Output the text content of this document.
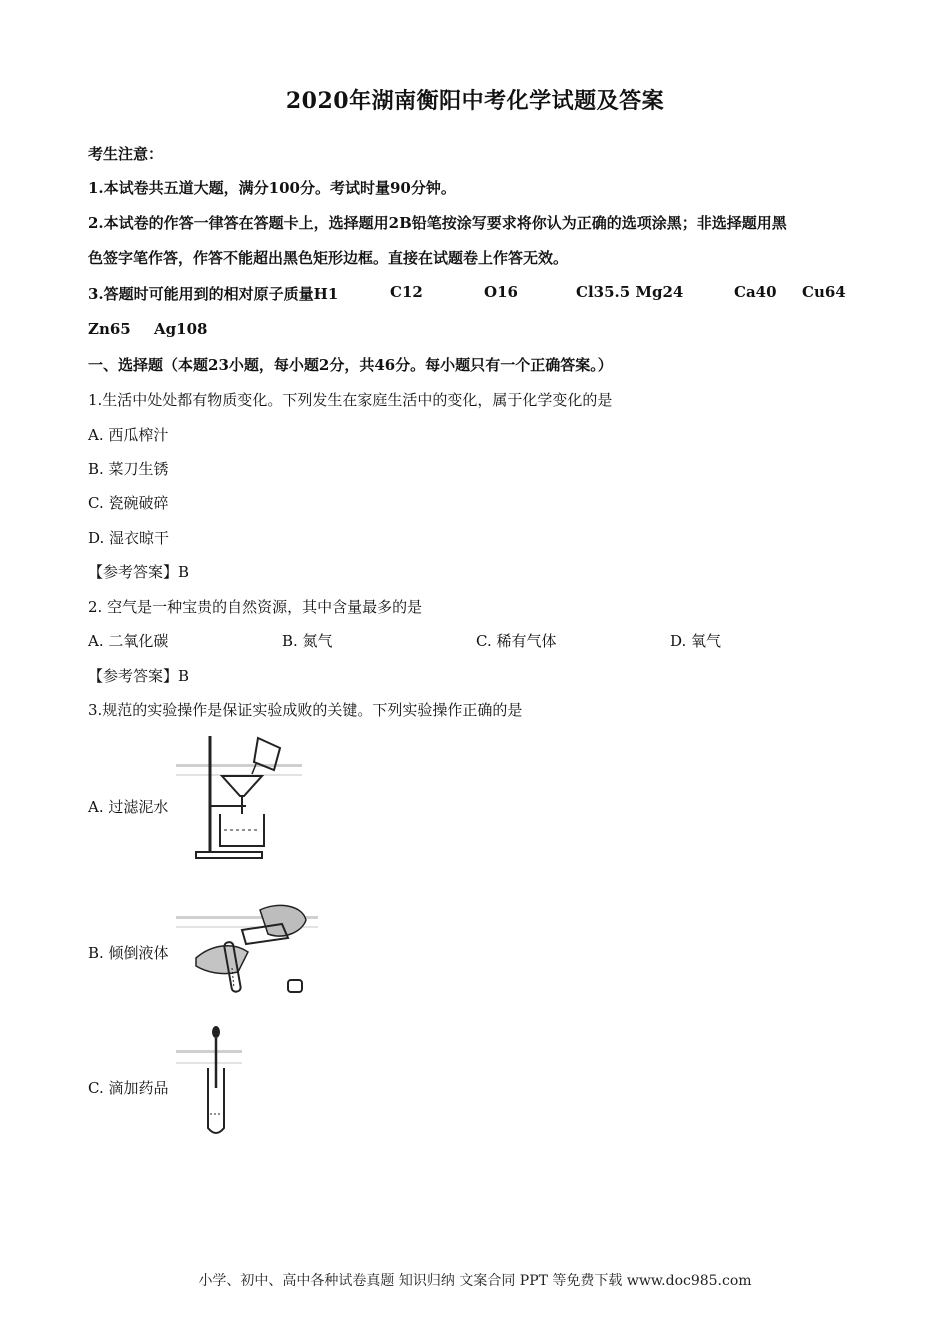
2020年湖南衡阳中考化学试题及答案
考生注意：
1.本试卷共五道大题，满分100分。考试时量90分钟。
2.本试卷的作答一律答在答题卡上，选择题用2B铅笔按涂写要求将你认为正确的选项涂黑；非选择题用黑
色签字笔作答，作答不能超出黑色矩形边框。直接在试题卷上作答无效。
3.答题时可能用到的相对原子质量H1	C12	O16	Cl35.5 Mg24	Ca40 Cu64
Zn65 Ag108
一、选择题（本题23小题，每小题2分，共46分。每小题只有一个正确答案。）
1.生活中处处都有物质变化。下列发生在家庭生活中的变化，属于化学变化的是
A. 西瓜榨汁
B. 菜刀生锈
C. 瓷碗破碎
D. 湿衣晾干
【参考答案】B
2. 空气是一种宝贵的自然资源，其中含量最多的是
A. 二氧化碳	B. 氮气	C. 稀有气体	D. 氧气
【参考答案】B
3.规范的实验操作是保证实验成败的关键。下列实验操作正确的是
A. 过滤泥水
B. 倾倒液体
C. 滴加药品
小学、初中、高中各种试卷真题 知识归纳 文案合同 PPT 等免费下载 www.doc985.com
